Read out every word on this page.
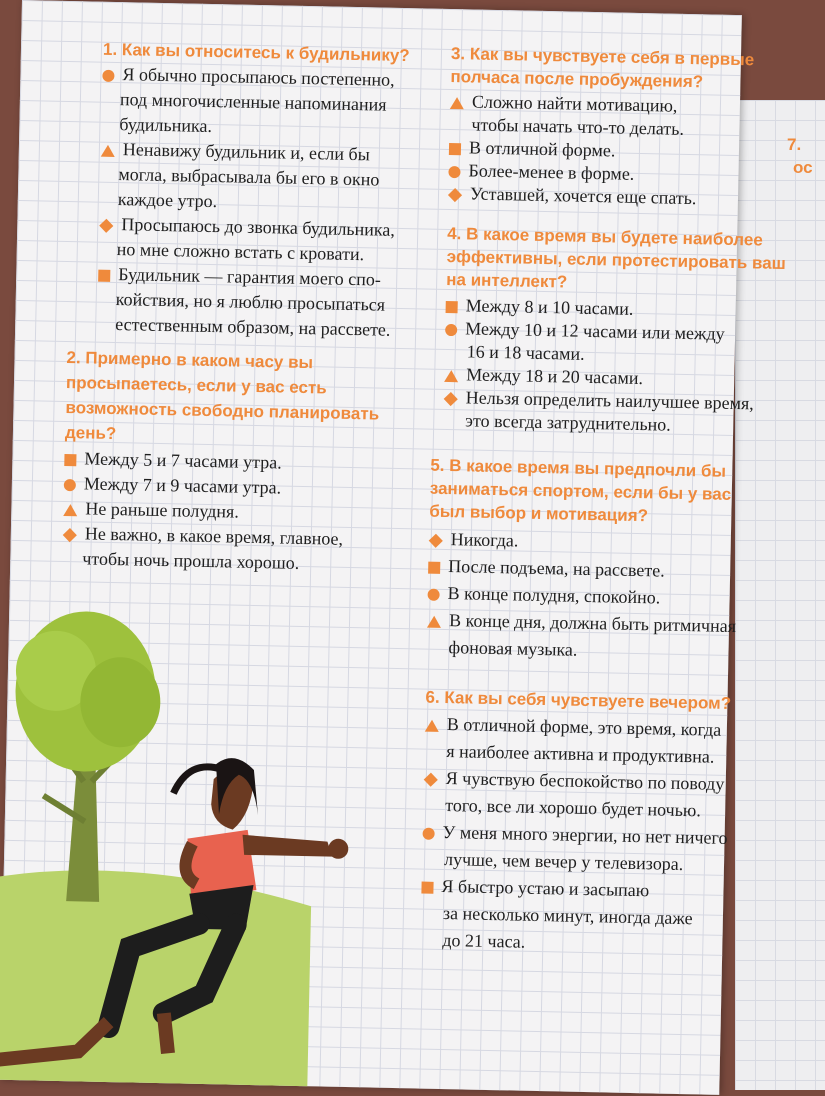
7.
ос
1. Как вы относитесь к будильнику?
Я обычно просыпаюсь постепенно,
под многочисленные напоминания
будильника.
Ненавижу будильник и, если бы
могла, выбрасывала бы его в окно
каждое утро.
Просыпаюсь до звонка будильника,
но мне сложно встать с кровати.
Будильник — гарантия моего спо-
койствия, но я люблю просыпаться
естественным образом, на рассвете.
2. Примерно в каком часу вы
просыпаетесь, если у вас есть
возможность свободно планировать
день?
Между 5 и 7 часами утра.
Между 7 и 9 часами утра.
Не раньше полудня.
Не важно, в какое время, главное,
чтобы ночь прошла хорошо.
3. Как вы чувствуете себя в первые
полчаса после пробуждения?
Сложно найти мотивацию,
чтобы начать что-то делать.
В отличной форме.
Более-менее в форме.
Уставшей, хочется еще спать.
4. В какое время вы будете наиболее
эффективны, если протестировать ваш
на интеллект?
Между 8 и 10 часами.
Между 10 и 12 часами или между
16 и 18 часами.
Между 18 и 20 часами.
Нельзя определить наилучшее время,
это всегда затруднительно.
5. В какое время вы предпочли бы
заниматься спортом, если бы у вас
был выбор и мотивация?
Никогда.
После подъема, на рассвете.
В конце полудня, спокойно.
В конце дня, должна быть ритмичная
фоновая музыка.
6. Как вы себя чувствуете вечером?
В отличной форме, это время, когда
я наиболее активна и продуктивна.
Я чувствую беспокойство по поводу
того, все ли хорошо будет ночью.
У меня много энергии, но нет ничего
лучше, чем вечер у телевизора.
Я быстро устаю и засыпаю
за несколько минут, иногда даже
до 21 часа.
